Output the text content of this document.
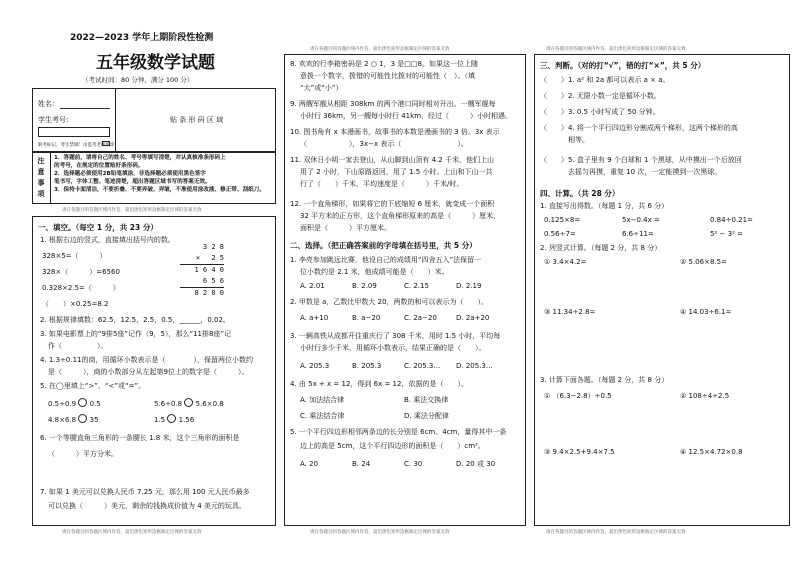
2022—2023 学年上期阶段性检测
五年级数学试题
（考试时间：80 分钟，满分 100 分）
姓名：
学生考号：
缺考标记，考生禁填！由监考老师填涂
贴 条 形 码 区 域
注
意
事
项
1．答题前，请将自己的姓名、考号等填写清楚，并认真核准条形码上
的考号，在规定的位置贴好条形码。
2．选择题必须使用2B铅笔填涂，非选择题必须使用黑色签字
笔书写，字体工整、笔迹清楚，超出答题区域书写的答案无效。
3．保持卡面清洁，不要折叠、不要弄破、弄皱，不准使用涂改液、修正带、刮纸刀。
请在各题目的答题区域内作答，超出黑色矩形边框限定区域的答案无效
一、填空。（每空 1 分，共 23 分）
1. 根据右边的竖式，直接填出括号内的数。
328×5=（　　　）
328×（　　　）=6560
0.328×2.5=（　　　）
（　　）×0.25=8.2
3 2 8
×　 2 5
1 6 4 0
6 5 6
8 2 0 0
2. 根据规律填数：62.5，12.5，2.5，0.5，______，0.02。
3. 如果电影票上的“9排5座”记作（9，5），那么“11排8座”记
作（　　　　　）。
4. 1.3÷0.11的商，用循环小数表示是（　　　　），保留两位小数约
是（　　　），商的小数部分从左起第9位上的数字是（　　　）。
5. 在◯里填上“>”、“<”或“=”。
0.5÷0.9 0.5	5.6÷0.8 5.6×0.8
4.8×6.8 35	1.5 1.56
6. 一个等腰直角三角形的一条腰长 1.8 米，这个三角形的面积是
（　　　）平方分米。
7. 如果 1 美元可以兑换人民币 7.25 元，那么用 100 元人民币最多
可以兑换（　　　）美元，剩余的钱换成价值为 4 美元的玩具。
请在各题目的答题区域内作答，超出黑色矩形边框限定区域的答案无效
请在各题目的答题区域内作答，超出黑色矩形边框限定区域的答案无效
8. 欢欢的行李箱密码是 2 ○ 1，3 是□□8。如果这一位上随
意拨一个数字，拨错的可能性比拨对的可能性（　）。（填
“大”或“小”）
9. 两艘军舰从相距 308km 的两个港口同时相对开出。一艘军舰每
小时行 36km，另一艘每小时行 41km，经过（　　　）小时相遇。
10. 图书角有 x 本漫画书，故事书的本数是漫画书的 3 倍。3x 表示
（　　　　　　），3x−x 表示（　　　　　　　　）。
11. 双休日小明一家去登山，从山脚到山顶有 4.2 千米，他们上山
用了 2 小时，下山原路返回，用了 1.5 小时。上山和下山一共
行了（　　）千米，平均速度是（　　　）千米/时。
12. 一个直角梯形，如果将它的下底缩短 6 厘米，就变成一个面积
32 平方米的正方形，这个直角梯形原来的高是（　　　）厘米，
面积是（　　　）平方厘米。
二、选择。（把正确答案前的字母填在括号里，共 5 分）
1. 李亮参加跳远比赛，他设自己的成绩用“四舍五入”法保留一
位小数约是 2.1 米，他成绩可能是（　　）米。
A. 2.01	B. 2.09	C. 2.15	D. 2.19
2. 甲数是 a，乙数比甲数大 20，两数的和可以表示为（　　）。
A. a+10	B. a−20	C. 2a−20	D. 2a+20
3. 一辆高铁从成都开往重庆行了 308 千米，用时 1.5 小时，平均每
小时行多少千米，用循环小数表示，结果正确的是（　　）。
A. 205.3	B. 205.3̇	C. 205.3… D. 205.3̇…
4. 由 5x + x = 12，得到 6x = 12，依据的是（　　）。
A. 加法结合律	B. 乘法交换律
C. 乘法结合律	D. 乘法分配律
5. 一个平行四边形相邻两条边的长分别是 6cm、4cm，量得其中一条
边上的高是 5cm，这个平行四边形的面积是（　　）cm²。
A. 20	B. 24	C. 30	D. 20 或 30
请在各题目的答题区域内作答，超出黑色矩形边框限定区域的答案无效
请在各题目的答题区域内作答，超出黑色矩形边框限定区域的答案无效
三、判断。（对的打“√”，错的打“×”，共 5 分）
（　　）1. a² 和 2a 都可以表示 a × a。
（　　）2. 无限小数一定是循环小数。
（　　）3. 0.5 小时写成了 50 分钟。
（　　）4. 将一个平行四边形分割成两个梯形，这两个梯形的高
　　　　相等。
（　　）5. 盒子里有 9 个白球和 1 个黑球，从中摸出一个后放回
　　　　去摇匀再摸，重复 10 次，一定能摸到一次黑球。
四、计算。（共 28 分）
1. 直接写出得数。（每题 1 分，共 6 分）
0.125×8=	5x−0.4x =	0.84÷0.21=
0.56÷7=	6.6÷11=	5² − 3² =
2. 列竖式计算。（每题 2 分，共 8 分）
① 3.4×4.2=	② 5.06×8.5=
③ 11.34÷2.8=	④ 14.03÷6.1=
3. 计算下面各题。（每题 2 分，共 8 分）
① （6.3−2.8）÷0.5	② 108÷4÷2.5
③ 9.4×2.5+9.4×7.5	④ 12.5×4.72×0.8
请在各题目的答题区域内作答，超出黑色矩形边框限定区域的答案无效
